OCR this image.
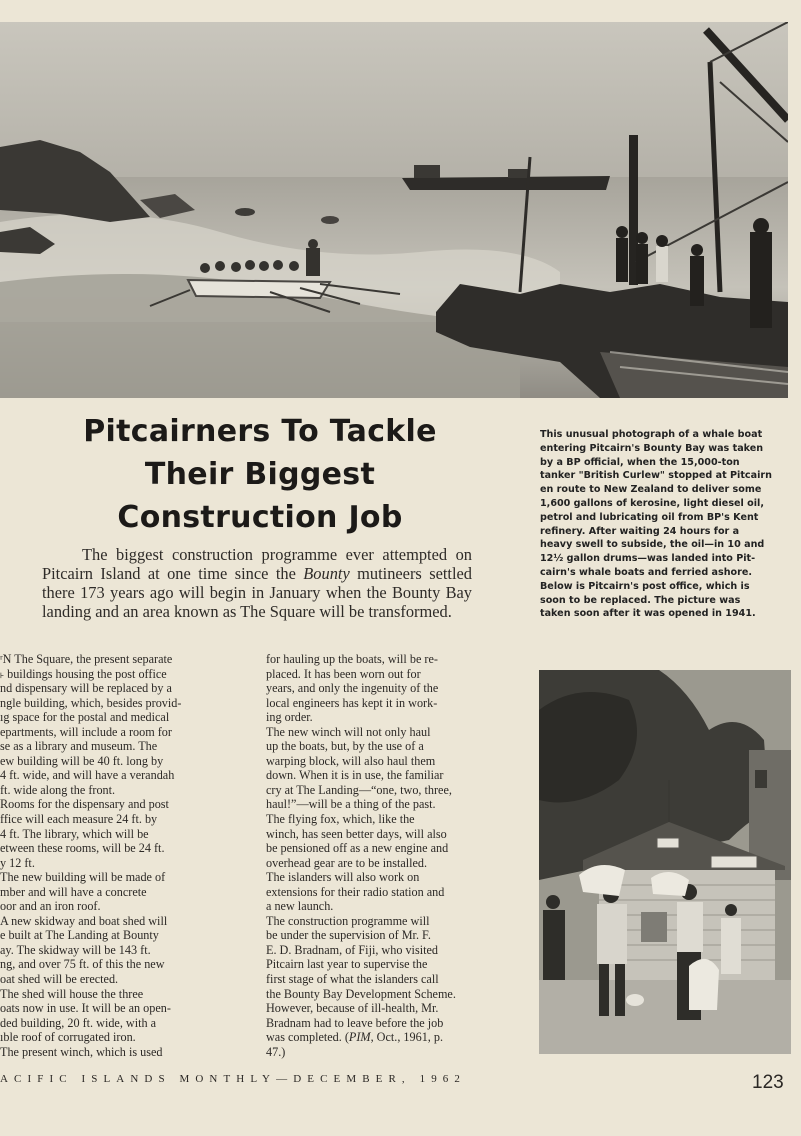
Pitcairners To Tackle
Their Biggest
Construction Job
The biggest construction programme ever attempted on Pitcairn Island at one time since the Bounty mutineers settled there 173 years ago will begin in January when the Bounty Bay landing and an area known as The Square will be transformed.
This unusual photograph of a whale boat
entering Pitcairn's Bounty Bay was taken
by a BP official, when the 15,000-ton
tanker "British Curlew" stopped at Pitcairn
en route to New Zealand to deliver some
1,600 gallons of kerosine, light diesel oil,
petrol and lubricating oil from BP's Kent
refinery. After waiting 24 hours for a
heavy swell to subside, the oil—in 10 and
12½ gallon drums—was landed into Pit-
cairn's whale boats and ferried ashore.
Below is Pitcairn's post office, which is
soon to be replaced. The picture was
taken soon after it was opened in 1941.
ʳN The Square, the present separate
˫ buildings housing the post office
nd dispensary will be replaced by a
ngle building, which, besides provid-
ıg space for the postal and medical
epartments, will include a room for
se as a library and museum. The
ew building will be 40 ft. long by
4 ft. wide, and will have a verandah
ft. wide along the front.
Rooms for the dispensary and post
ffice will each measure 24 ft. by
4 ft. The library, which will be
etween these rooms, will be 24 ft.
y 12 ft.
The new building will be made of
mber and will have a concrete
oor and an iron roof.
A new skidway and boat shed will
e built at The Landing at Bounty
ay. The skidway will be 143 ft.
ng, and over 75 ft. of this the new
oat shed will be erected.
The shed will house the three
oats now in use. It will be an open-
ded building, 20 ft. wide, with a
ıble roof of corrugated iron.
The present winch, which is used
for hauling up the boats, will be re-
placed. It has been worn out for
years, and only the ingenuity of the
local engineers has kept it in work-
ing order.
The new winch will not only haul
up the boats, but, by the use of a
warping block, will also haul them
down. When it is in use, the familiar
cry at The Landing—“one, two, three,
haul!”—will be a thing of the past.
The flying fox, which, like the
winch, has seen better days, will also
be pensioned off as a new engine and
overhead gear are to be installed.
The islanders will also work on
extensions for their radio station and
a new launch.
The construction programme will
be under the supervision of Mr. F.
E. D. Bradnam, of Fiji, who visited
Pitcairn last year to supervise the
first stage of what the islanders call
the Bounty Bay Development Scheme.
However, because of ill-health, Mr.
Bradnam had to leave before the job
was completed. (PIM, Oct., 1961, p.
47.)
ACIFIC ISLANDS MONTHLY—DECEMBER, 1962	123
